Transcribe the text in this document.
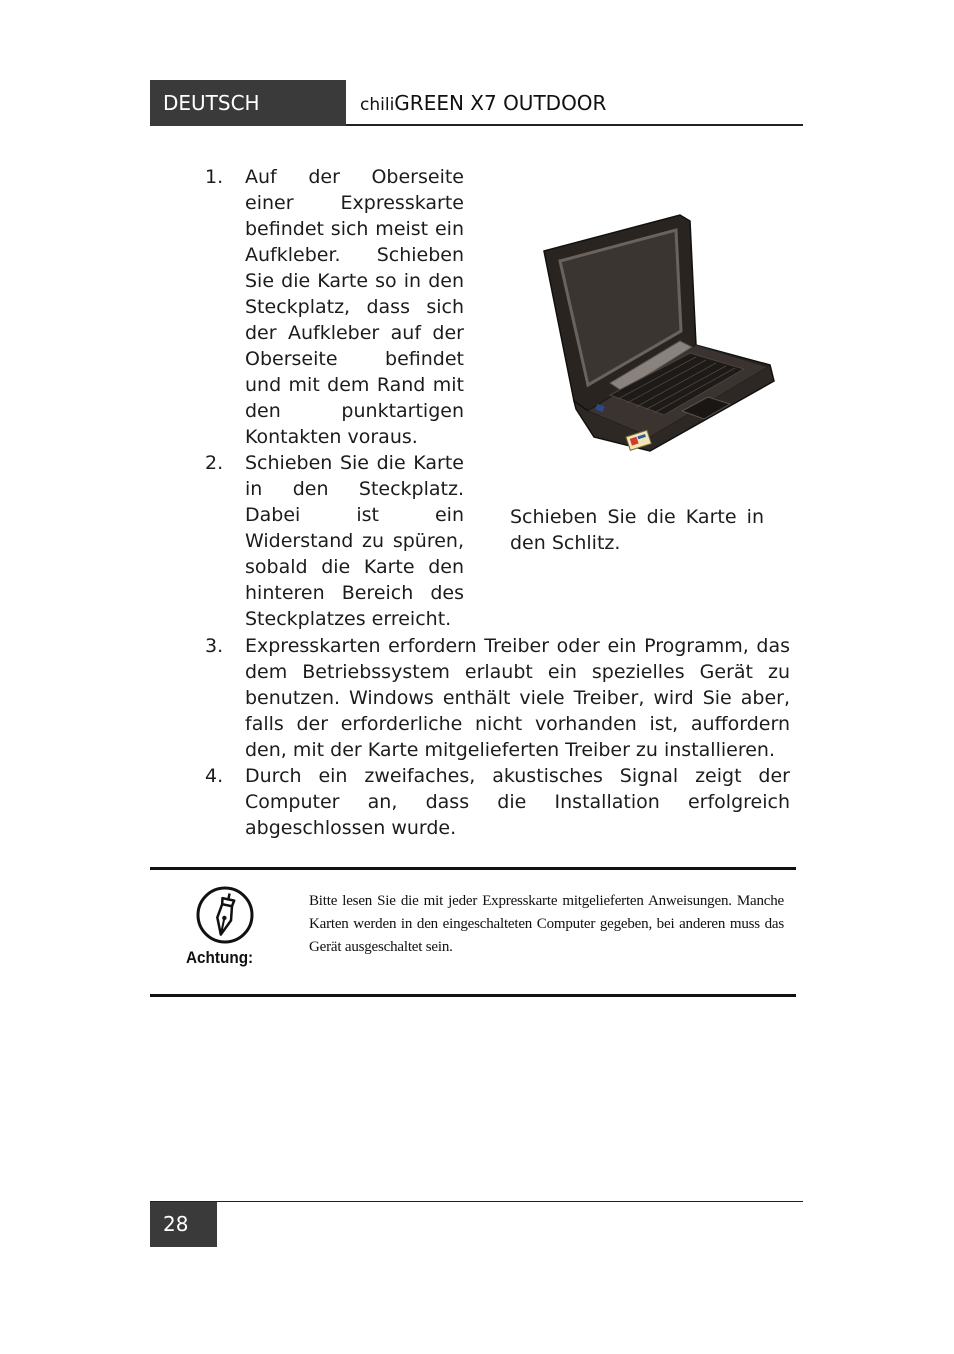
DEUTSCH	chiliGREEN X7 OUTDOOR
1.	Auf der Oberseite einer Expresskarte befindet sich meist ein Aufkleber. Schieben Sie die Karte so in den Steckplatz, dass sich der Aufkleber auf der Oberseite befindet und mit dem Rand mit den punktartigen Kontakten voraus.
2.	Schieben Sie die Karte in den Steckplatz. Dabei ist ein Widerstand zu spüren, sobald die Karte den hinteren Bereich des Steckplatzes erreicht.
3.	Expresskarten erfordern Treiber oder ein Programm, das dem Betriebssystem erlaubt ein spezielles Gerät zu benutzen. Windows enthält viele Treiber, wird Sie aber, falls der erforderliche nicht vorhanden ist, auffordern den, mit der Karte mitgelieferten Treiber zu installieren.
4.	Durch ein zweifaches, akustisches Signal zeigt der Computer an, dass die Installation erfolgreich abgeschlossen wurde.
Schieben Sie die Karte in den Schlitz.
Achtung:
Bitte lesen Sie die mit jeder Expresskarte mitgelieferten Anweisungen. Manche Karten werden in den eingeschalteten Computer gegeben, bei anderen muss das Gerät ausgeschaltet sein.
28
